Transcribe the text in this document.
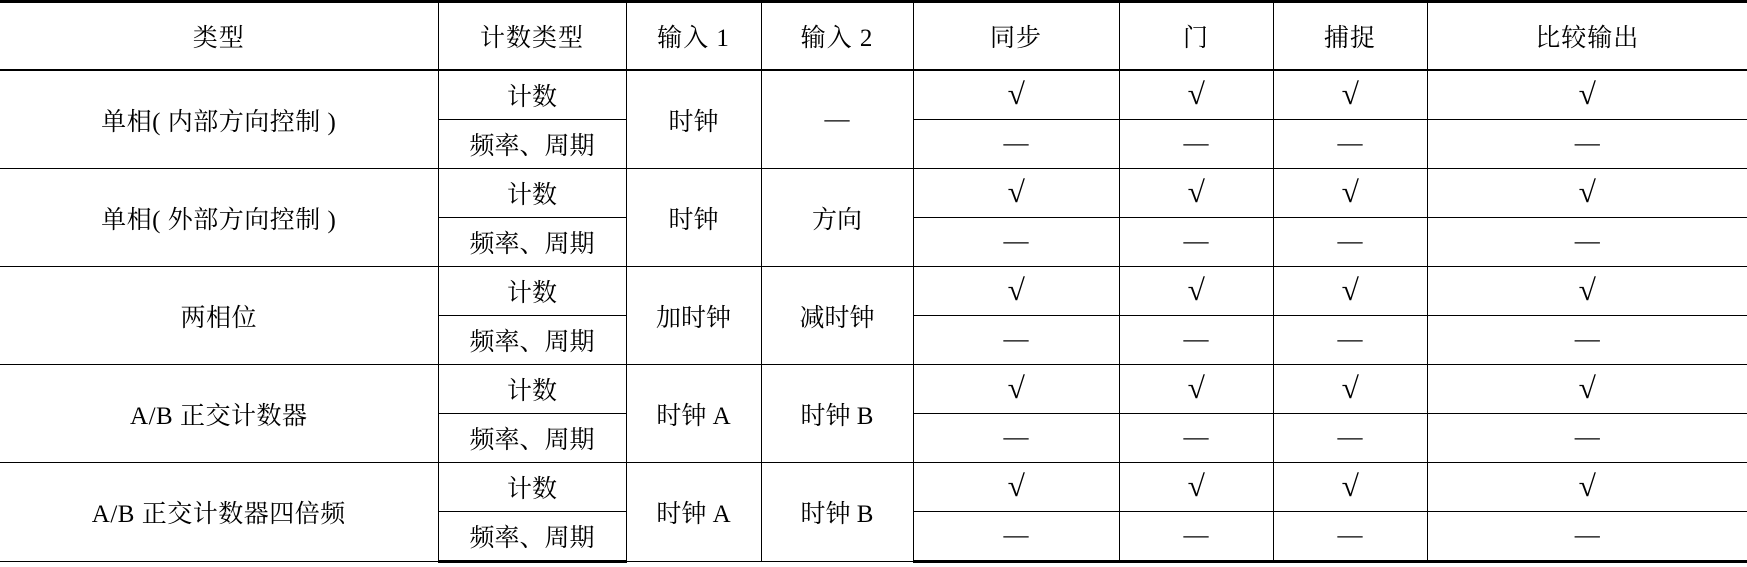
类型	计数类型	输入 1	输入 2	同步	门	捕捉	比较输出
单相( 内部方向控制 )	计数	时钟	—	√	√	√	√
	频率、周期			—	—	—	—
单相( 外部方向控制 )	计数	时钟	方向	√	√	√	√
	频率、周期			—	—	—	—
两相位	计数	加时钟	减时钟	√	√	√	√
	频率、周期			—	—	—	—
A/B 正交计数器	计数	时钟 A	时钟 B	√	√	√	√
	频率、周期			—	—	—	—
A/B 正交计数器四倍频	计数	时钟 A	时钟 B	√	√	√	√
	频率、周期			—	—	—	—
